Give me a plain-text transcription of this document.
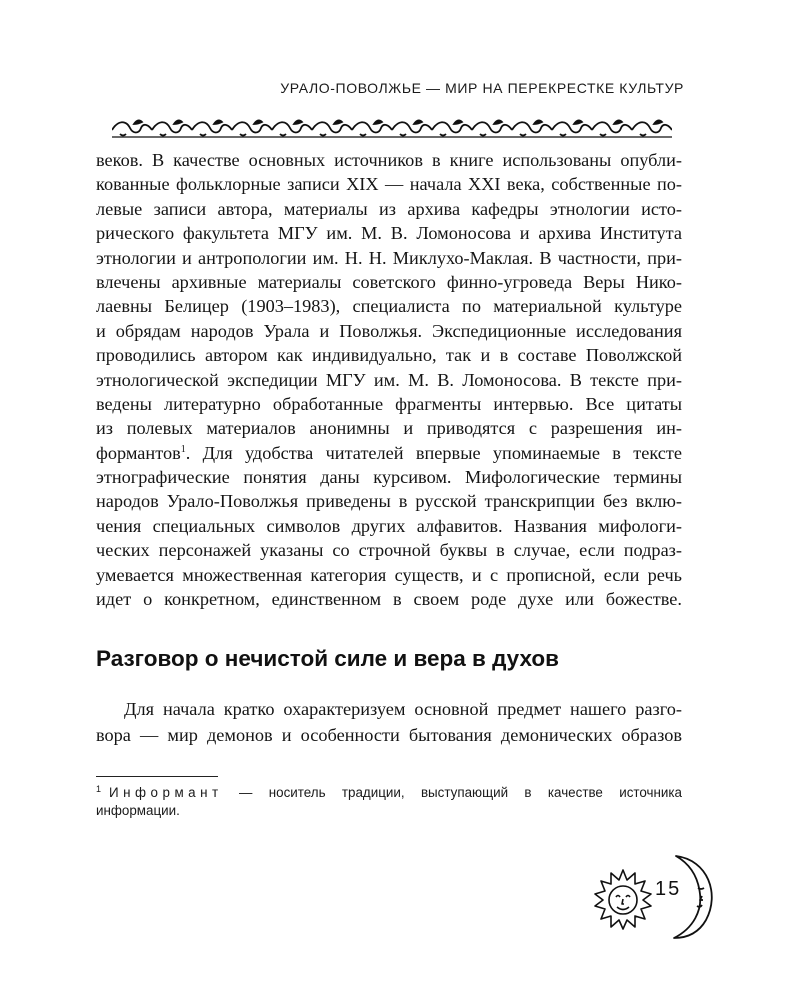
УРАЛО-ПОВОЛЖЬЕ — МИР НА ПЕРЕКРЕСТКЕ КУЛЬТУР
веков. В качестве основных источников в книге использованы опубли-
кованные фольклорные записи XIX — начала XXI века, собственные по-
левые записи автора, материалы из архива кафедры этнологии исто-
рического факультета МГУ им. М. В. Ломоносова и архива Института
этнологии и антропологии им. Н. Н. Миклухо-Маклая. В частности, при-
влечены архивные материалы советского финно-угроведа Веры Нико-
лаевны Белицер (1903–1983), специалиста по материальной культуре
и обрядам народов Урала и Поволжья. Экспедиционные исследования
проводились автором как индивидуально, так и в составе Поволжской
этнологической экспедиции МГУ им. М. В. Ломоносова. В тексте при-
ведены литературно обработанные фрагменты интервью. Все цитаты
из полевых материалов анонимны и приводятся с разрешения ин-
формантов$^1$. Для удобства читателей впервые упоминаемые в тексте
этнографические понятия даны курсивом. Мифологические термины
народов Урало-Поволжья приведены в русской транскрипции без вклю-
чения специальных символов других алфавитов. Названия мифологи-
ческих персонажей указаны со строчной буквы в случае, если подраз-
умевается множественная категория существ, и с прописной, если речь
идет о конкретном, единственном в своем роде духе или божестве.
Разговор о нечистой силе и вера в духов
Для начала кратко охарактеризуем основной предмет нашего разго-
вора — мир демонов и особенности бытования демонических образов
$^1$ Информант — носитель традиции, выступающий в качестве источника
информации.
15
